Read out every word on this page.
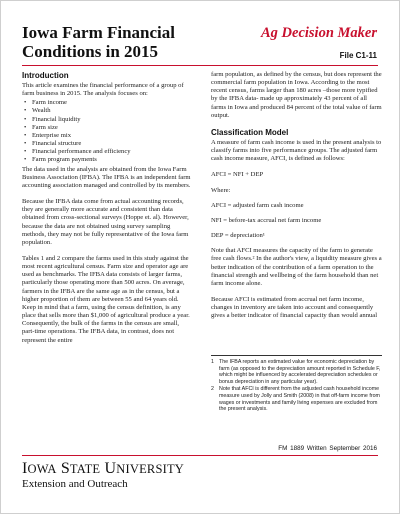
Iowa Farm Financial
Conditions in 2015
Ag Decision Maker
File C1-11
Introduction

This article examines the financial performance of a group of farm business in 2015. The analysis focuses on:

• Farm income
• Wealth
• Financial liquidity
• Farm size
• Enterprise mix
• Financial structure
• Financial performance and efficiency
• Farm program payments

The data used in the analysis are obtained from the Iowa Farm Business Association (IFBA). The IFBA is an independent farm accounting association managed and controlled by its members.

Because the IFBA data come from actual accounting records, they are generally more accurate and consistent than data obtained from cross-sectional surveys (Hoppe et. al). However, because the data are not obtained using survey sampling methods, they may not be fully representative of the Iowa farm population.

Tables 1 and 2 compare the farms used in this study against the most recent agricultural census. Farm size and operator age are used as benchmarks. The IFBA data consists of larger farms, particularly those operating more than 500 acres. On average, farmers in the IFBA are the same age as in the census, but a higher proportion of them are between 55 and 64 years old. Keep in mind that a farm, using the census definition, is any place that sells more than $1,000 of agricultural produce a year. Consequently, the bulk of the farms in the census are small, part-time operations. The IFBA data, in contrast, does not represent the entire

farm population, as defined by the census, but does represent the commercial farm population in Iowa. According to the most recent census, farms larger than 180 acres –those more typified by the IFBA data- made up approximately 43 percent of all farms in Iowa and produced 84 percent of the total value of farm output.

Classification Model

A measure of farm cash income is used in the present analysis to classify farms into five performance groups. The adjusted farm cash income measure, AFCI, is defined as follows:

AFCI = NFI + DEP

Where:

AFCI = adjusted farm cash income

NFI = before-tax accrual net farm income

DEP = depreciation¹

Note that AFCI measures the capacity of the farm to generate free cash flows.² In the author's view, a liquidity measure gives a better indication of the contribution of a farm operation to the financial strength and wellbeing of the farm household than net farm income alone.

Because AFCI is estimated from accrual net farm income, changes in inventory are taken into account and consequently gives a better indicator of financial capacity than would annual

1 The IFBA reports an estimated value for economic depreciation by farm (as opposed to the depreciation amount reported in Schedule F, which might be influenced by accelerated depreciation schedules or bonus depreciation in any particular year).
2 Note that AFCI is different from the adjusted cash household income measure used by Jolly and Smith (2008) in that off-farm income from wages or investments and family living expenses are excluded from the present analysis.
FM 1889 Written September 2016
IOWA STATE UNIVERSITY
Extension and Outreach
